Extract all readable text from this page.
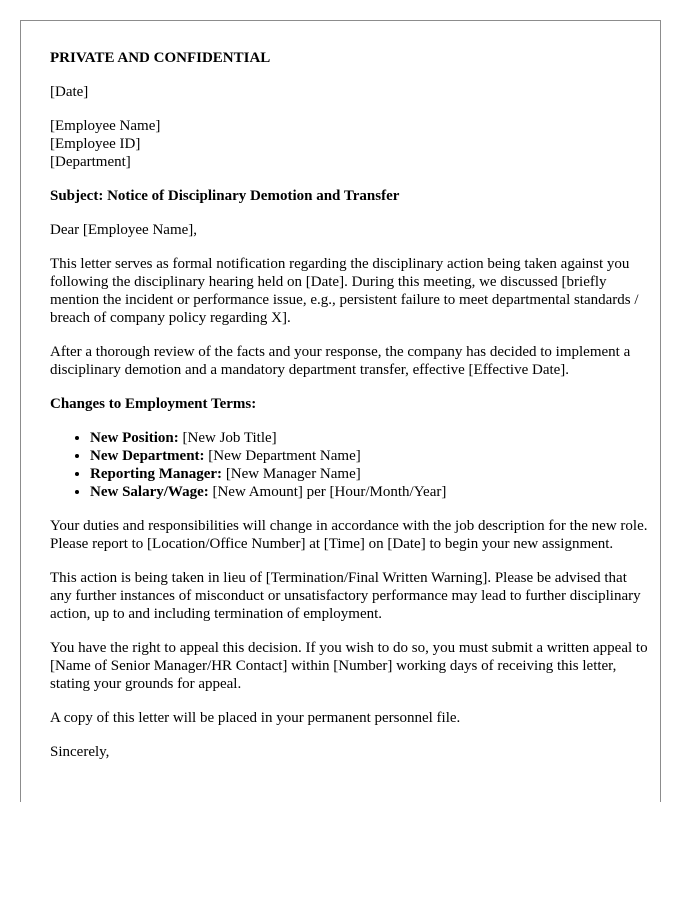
PRIVATE AND CONFIDENTIAL

[Date]

[Employee Name]
[Employee ID]
[Department]

Subject: Notice of Disciplinary Demotion and Transfer

Dear [Employee Name],

This letter serves as formal notification regarding the disciplinary action being taken against you following the disciplinary hearing held on [Date]. During this meeting, we discussed [briefly mention the incident or performance issue, e.g., persistent failure to meet departmental standards / breach of company policy regarding X].

After a thorough review of the facts and your response, the company has decided to implement a disciplinary demotion and a mandatory department transfer, effective [Effective Date].

Changes to Employment Terms:

• New Position: [New Job Title]
• New Department: [New Department Name]
• Reporting Manager: [New Manager Name]
• New Salary/Wage: [New Amount] per [Hour/Month/Year]

Your duties and responsibilities will change in accordance with the job description for the new role. Please report to [Location/Office Number] at [Time] on [Date] to begin your new assignment.

This action is being taken in lieu of [Termination/Final Written Warning]. Please be advised that any further instances of misconduct or unsatisfactory performance may lead to further disciplinary action, up to and including termination of employment.

You have the right to appeal this decision. If you wish to do so, you must submit a written appeal to [Name of Senior Manager/HR Contact] within [Number] working days of receiving this letter, stating your grounds for appeal.

A copy of this letter will be placed in your permanent personnel file.

Sincerely,
